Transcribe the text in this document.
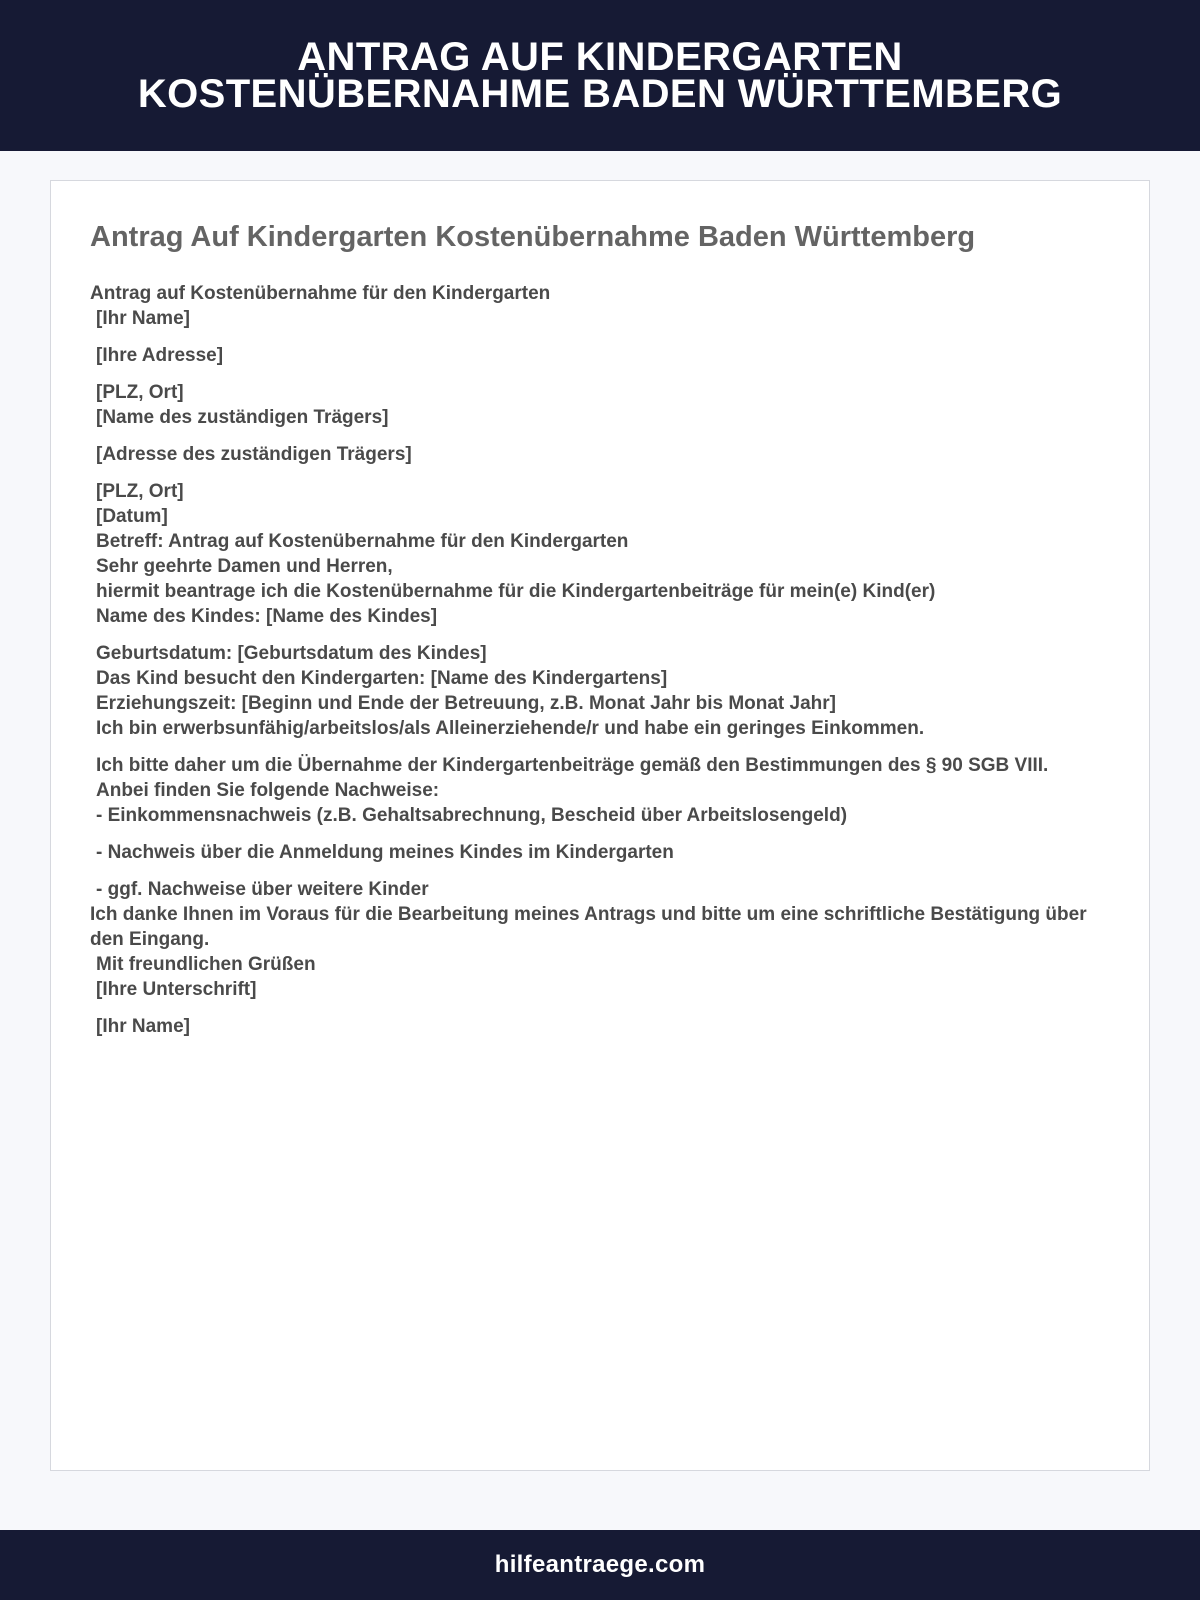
ANTRAG AUF KINDERGARTEN
KOSTENÜBERNAHME BADEN WÜRTTEMBERG
Antrag Auf Kindergarten Kostenübernahme Baden Württemberg
Antrag auf Kostenübernahme für den Kindergarten
[Ihr Name]
[Ihre Adresse]
[PLZ, Ort]
[Name des zuständigen Trägers]
[Adresse des zuständigen Trägers]
[PLZ, Ort]
[Datum]
Betreff: Antrag auf Kostenübernahme für den Kindergarten
Sehr geehrte Damen und Herren,
hiermit beantrage ich die Kostenübernahme für die Kindergartenbeiträge für mein(e) Kind(er)
Name des Kindes: [Name des Kindes]
Geburtsdatum: [Geburtsdatum des Kindes]
Das Kind besucht den Kindergarten: [Name des Kindergartens]
Erziehungszeit: [Beginn und Ende der Betreuung, z.B. Monat Jahr bis Monat Jahr]
Ich bin erwerbsunfähig/arbeitslos/als Alleinerziehende/r und habe ein geringes Einkommen.
Ich bitte daher um die Übernahme der Kindergartenbeiträge gemäß den Bestimmungen des § 90 SGB VIII.
Anbei finden Sie folgende Nachweise:
- Einkommensnachweis (z.B. Gehaltsabrechnung, Bescheid über Arbeitslosengeld)
- Nachweis über die Anmeldung meines Kindes im Kindergarten
- ggf. Nachweise über weitere Kinder
Ich danke Ihnen im Voraus für die Bearbeitung meines Antrags und bitte um eine schriftliche Bestätigung über den Eingang.
Mit freundlichen Grüßen
[Ihre Unterschrift]
[Ihr Name]
hilfeantraege.com
